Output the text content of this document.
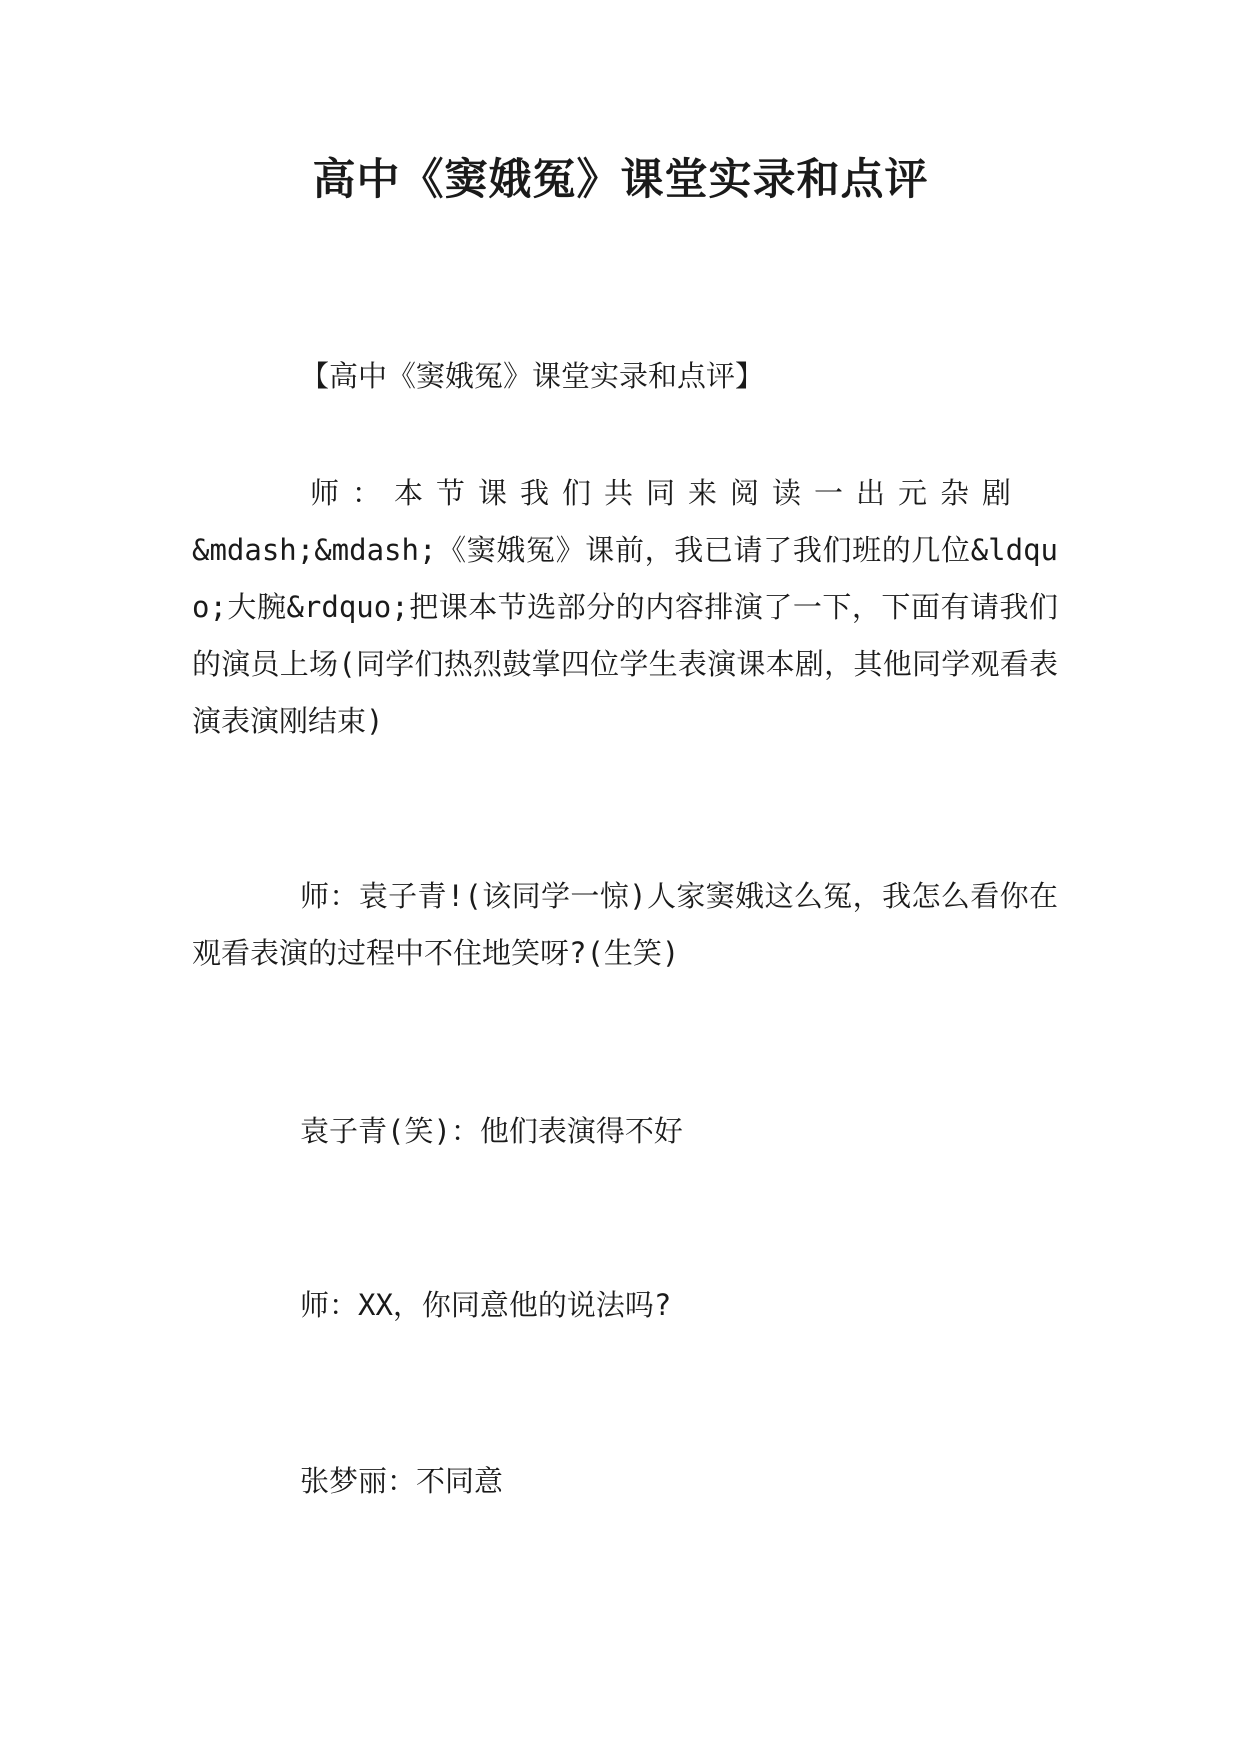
高中《窦娥冤》课堂实录和点评

【高中《窦娥冤》课堂实录和点评】

师：本节课我们共同来阅读一出元杂剧
&mdash;&mdash;《窦娥冤》课前，我已请了我们班的几位&ldquo;大腕&rdquo;把课本节选部分的内容排演了一下，下面有请我们的演员上场(同学们热烈鼓掌四位学生表演课本剧，其他同学观看表演表演刚结束)

师：袁子青!(该同学一惊)人家窦娥这么冤，我怎么看你在观看表演的过程中不住地笑呀?(生笑)

袁子青(笑)：他们表演得不好

师：XX，你同意他的说法吗?

张梦丽：不同意
